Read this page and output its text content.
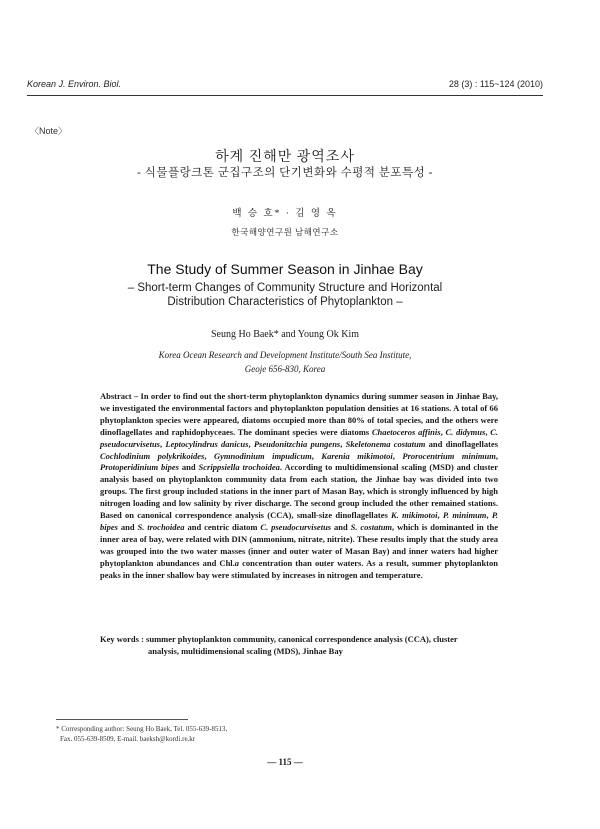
Korean J. Environ. Biol.	28 (3) : 115~124 (2010)
〈Note〉
하계 진해만 광역조사
- 식물플랑크톤 군집구조의 단기변화와 수평적 분포특성 -
백 승 호* · 김 영 옥
한국해양연구원 남해연구소
The Study of Summer Season in Jinhae Bay
– Short-term Changes of Community Structure and Horizontal
Distribution Characteristics of Phytoplankton –
Seung Ho Baek* and Young Ok Kim
Korea Ocean Research and Development Institute/South Sea Institute,
Geoje 656-830, Korea
Abstract – In order to find out the short-term phytoplankton dynamics during summer season in Jinhae Bay, we investigated the environmental factors and phytoplankton population densities at 16 stations. A total of 66 phytoplankton species were appeared, diatoms occupied more than 80% of total species, and the others were dinoflagellates and raphidophyceaes. The dominant species were diatoms Chaetoceros affinis, C. didymus, C. pseudocurvisetus, Leptocylindrus danicus, Pseudonitzchia pungens, Skeletonema costatum and dinoflagellates Cochlodinium polykrikoides, Gymnodinium impudicum, Karenia mikimotoi, Prorocentrium minimum, Protoperidinium bipes and Scrippsiella trochoidea. According to multidimensional scaling (MSD) and cluster analysis based on phytoplankton community data from each station, the Jinhae bay was divided into two groups. The first group included stations in the inner part of Masan Bay, which is strongly influenced by high nitrogen loading and low salinity by river discharge. The second group included the other remained stations. Based on canonical correspondence analysis (CCA), small-size dinoflagellates K. mikimotoi, P. minimum, P. bipes and S. trochoidea and centric diatom C. pseudocurvisetus and S. costatum, which is dominanted in the inner area of bay, were related with DIN (ammonium, nitrate, nitrite). These results imply that the study area was grouped into the two water masses (inner and outer water of Masan Bay) and inner waters had higher phytoplankton abundances and Chl.a concentration than outer waters. As a result, summer phytoplankton peaks in the inner shallow bay were stimulated by increases in nitrogen and temperature.
Key words : summer phytoplankton community, canonical correspondence analysis (CCA), cluster
analysis, multidimensional scaling (MDS), Jinhae Bay
* Corresponding author: Seung Ho Baek, Tel. 055-639-8513,
Fax. 055-639-8509, E-mail. baeksh@kordi.re.kr
— 115 —
